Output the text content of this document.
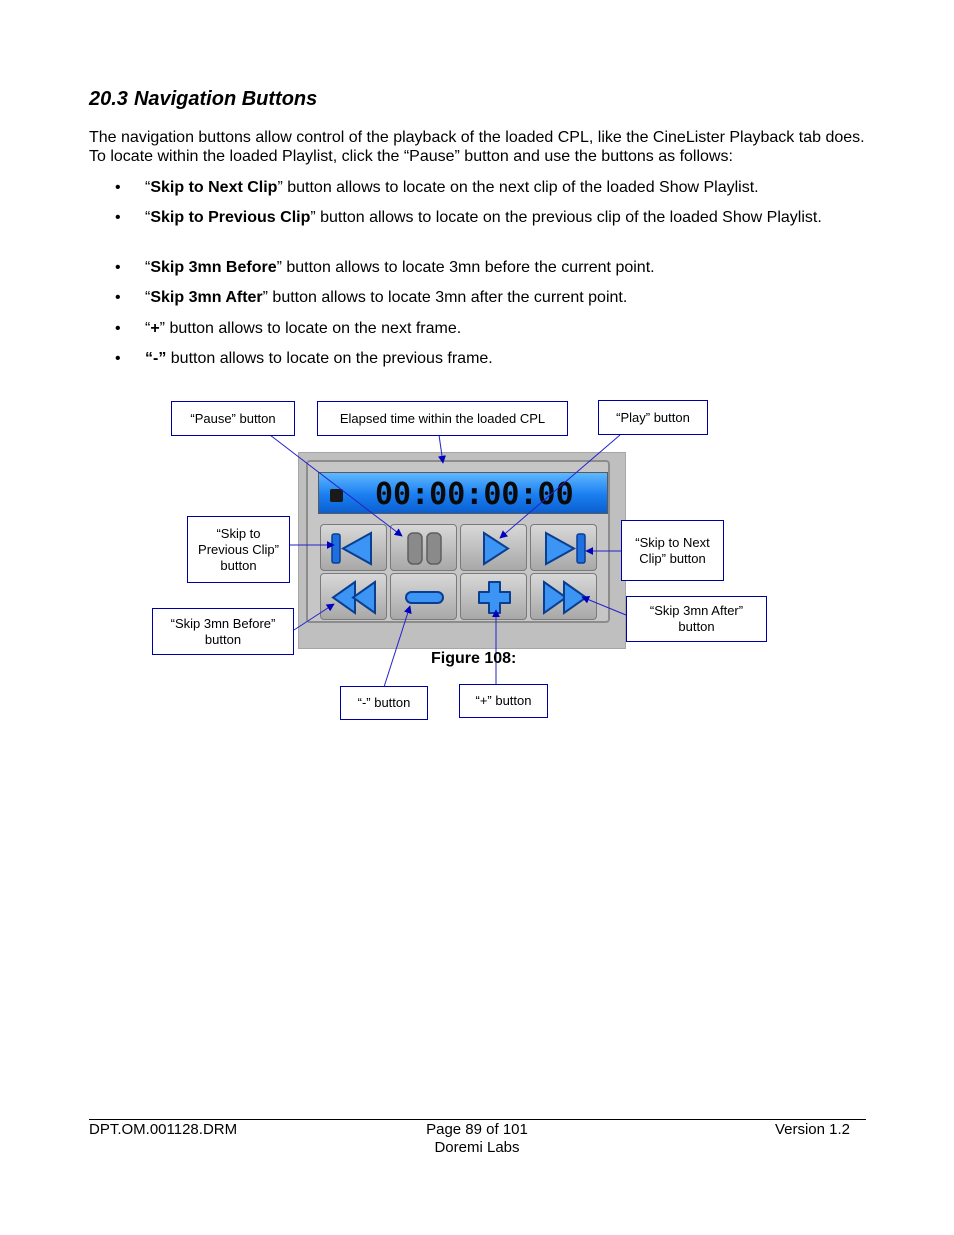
20.3 Navigation Buttons
The navigation buttons allow control of the playback of the loaded CPL, like the CineLister Playback tab does. To locate within the loaded Playlist, click the “Pause” button and use the buttons as follows:
• “Skip to Next Clip” button allows to locate on the next clip of the loaded Show Playlist.
• “Skip to Previous Clip” button allows to locate on the previous clip of the loaded Show Playlist.
• “Skip 3mn Before” button allows to locate 3mn before the current point.
• “Skip 3mn After” button allows to locate 3mn after the current point.
• “+” button allows to locate on the next frame.
• “-” button allows to locate on the previous frame.
00:00:00:00
“Pause” button	Elapsed time within the loaded CPL	“Play” button
“Skip to Previous Clip” button
“Skip to Next Clip” button
“Skip 3mn Before” button
“Skip 3mn After” button
“-” button	“+” button
Figure 108:
DPT.OM.001128.DRM	Page 89 of 101
Doremi Labs
Version 1.2
